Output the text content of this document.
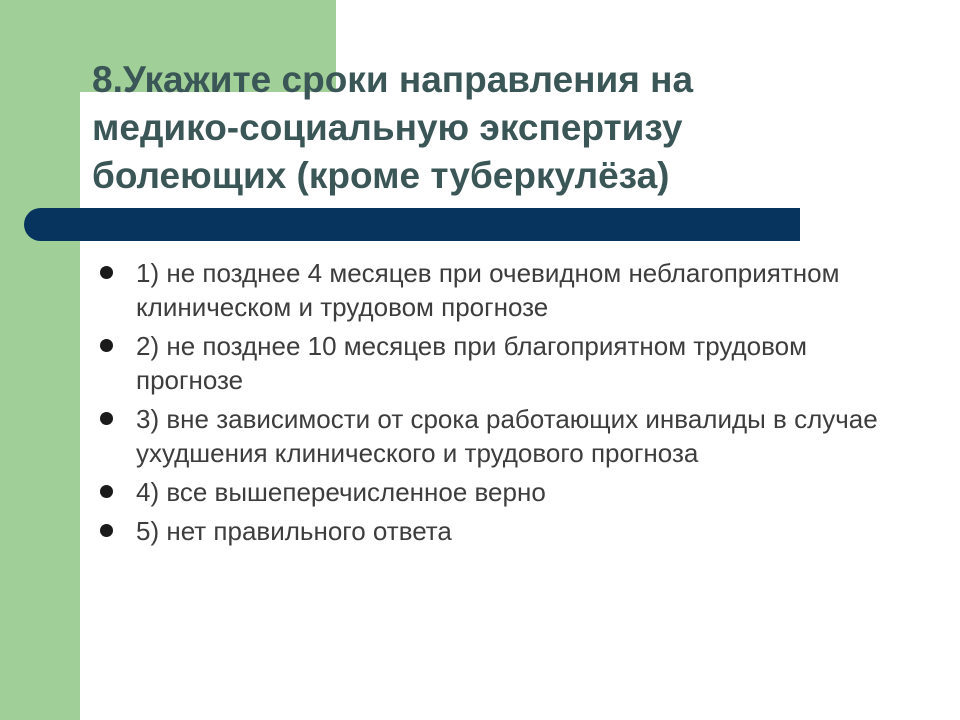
8.Укажите сроки направления на
медико-социальную экспертизу
болеющих (кроме туберкулёза)
1) не позднее 4 месяцев при очевидном неблагоприятном клиническом и трудовом прогнозе
2) не позднее 10 месяцев при благоприятном трудовом прогнозе
3) вне зависимости от срока работающих инвалиды в случае ухудшения клинического и трудового прогноза
4) все вышеперечисленное верно
5) нет правильного ответа
